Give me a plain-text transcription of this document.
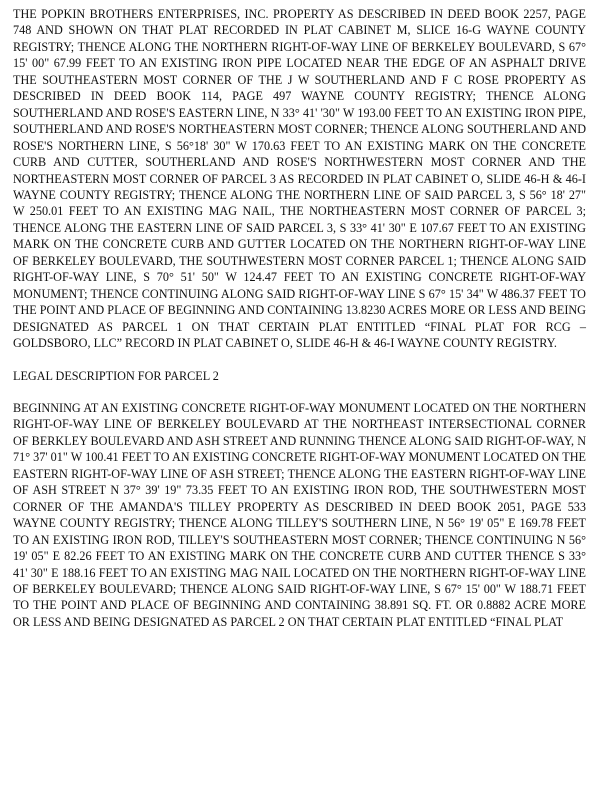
THE POPKIN BROTHERS ENTERPRISES, INC. PROPERTY AS DESCRIBED IN DEED BOOK 2257, PAGE 748 AND SHOWN ON THAT PLAT RECORDED IN PLAT CABINET M, SLICE 16-G WAYNE COUNTY REGISTRY; THENCE ALONG THE NORTHERN RIGHT-OF-WAY LINE OF BERKELEY BOULEVARD, S 67° 15' 00" 67.99 FEET TO AN EXISTING IRON PIPE LOCATED NEAR THE EDGE OF AN ASPHALT DRIVE THE SOUTHEASTERN MOST CORNER OF THE J W SOUTHERLAND AND F C ROSE PROPERTY AS DESCRIBED IN DEED BOOK 114, PAGE 497 WAYNE COUNTY REGISTRY; THENCE ALONG SOUTHERLAND AND ROSE'S EASTERN LINE, N 33° 41' '30" W 193.00 FEET TO AN EXISTING IRON PIPE, SOUTHERLAND AND ROSE'S NORTHEASTERN MOST CORNER; THENCE ALONG SOUTHERLAND AND ROSE'S NORTHERN LINE, S 56°18' 30" W 170.63 FEET TO AN EXISTING MARK ON THE CONCRETE CURB AND CUTTER, SOUTHERLAND AND ROSE'S NORTHWESTERN MOST CORNER AND THE NORTHEASTERN MOST CORNER OF PARCEL 3 AS RECORDED IN PLAT CABINET O, SLIDE 46-H & 46-I WAYNE COUNTY REGISTRY; THENCE ALONG THE NORTHERN LINE OF SAID PARCEL 3, S 56° 18' 27" W 250.01 FEET TO AN EXISTING MAG NAIL, THE NORTHEASTERN MOST CORNER OF PARCEL 3; THENCE ALONG THE EASTERN LINE OF SAID PARCEL 3, S 33° 41' 30" E 107.67 FEET TO AN EXISTING MARK ON THE CONCRETE CURB AND GUTTER LOCATED ON THE NORTHERN RIGHT-OF-WAY LINE OF BERKELEY BOULEVARD, THE SOUTHWESTERN MOST CORNER PARCEL 1; THENCE ALONG SAID RIGHT-OF-WAY LINE, S 70° 51' 50" W 124.47 FEET TO AN EXISTING CONCRETE RIGHT-OF-WAY MONUMENT; THENCE CONTINUING ALONG SAID RIGHT-OF-WAY LINE S 67° 15' 34" W 486.37 FEET TO THE POINT AND PLACE OF BEGINNING AND CONTAINING 13.8230 ACRES MORE OR LESS AND BEING DESIGNATED AS PARCEL 1 ON THAT CERTAIN PLAT ENTITLED “FINAL PLAT FOR RCG – GOLDSBORO, LLC” RECORD IN PLAT CABINET O, SLIDE 46-H & 46-I WAYNE COUNTY REGISTRY.

LEGAL DESCRIPTION FOR PARCEL 2

BEGINNING AT AN EXISTING CONCRETE RIGHT-OF-WAY MONUMENT LOCATED ON THE NORTHERN RIGHT-OF-WAY LINE OF BERKELEY BOULEVARD AT THE NORTHEAST INTERSECTIONAL CORNER OF BERKLEY BOULEVARD AND ASH STREET AND RUNNING THENCE ALONG SAID RIGHT-OF-WAY, N 71° 37' 01" W 100.41 FEET TO AN EXISTING CONCRETE RIGHT-OF-WAY MONUMENT LOCATED ON THE EASTERN RIGHT-OF-WAY LINE OF ASH STREET; THENCE ALONG THE EASTERN RIGHT-OF-WAY LINE OF ASH STREET N 37° 39' 19" 73.35 FEET TO AN EXISTING IRON ROD, THE SOUTHWESTERN MOST CORNER OF THE AMANDA'S TILLEY PROPERTY AS DESCRIBED IN DEED BOOK 2051, PAGE 533 WAYNE COUNTY REGISTRY; THENCE ALONG TILLEY'S SOUTHERN LINE, N 56° 19' 05" E 169.78 FEET TO AN EXISTING IRON ROD, TILLEY'S SOUTHEASTERN MOST CORNER; THENCE CONTINUING N 56° 19' 05" E 82.26 FEET TO AN EXISTING MARK ON THE CONCRETE CURB AND CUTTER THENCE S 33° 41' 30" E 188.16 FEET TO AN EXISTING MAG NAIL LOCATED ON THE NORTHERN RIGHT-OF-WAY LINE OF BERKELEY BOULEVARD; THENCE ALONG SAID RIGHT-OF-WAY LINE, S 67° 15' 00" W 188.71 FEET TO THE POINT AND PLACE OF BEGINNING AND CONTAINING 38.891 SQ. FT. OR 0.8882 ACRE MORE OR LESS AND BEING DESIGNATED AS PARCEL 2 ON THAT CERTAIN PLAT ENTITLED “FINAL PLAT
